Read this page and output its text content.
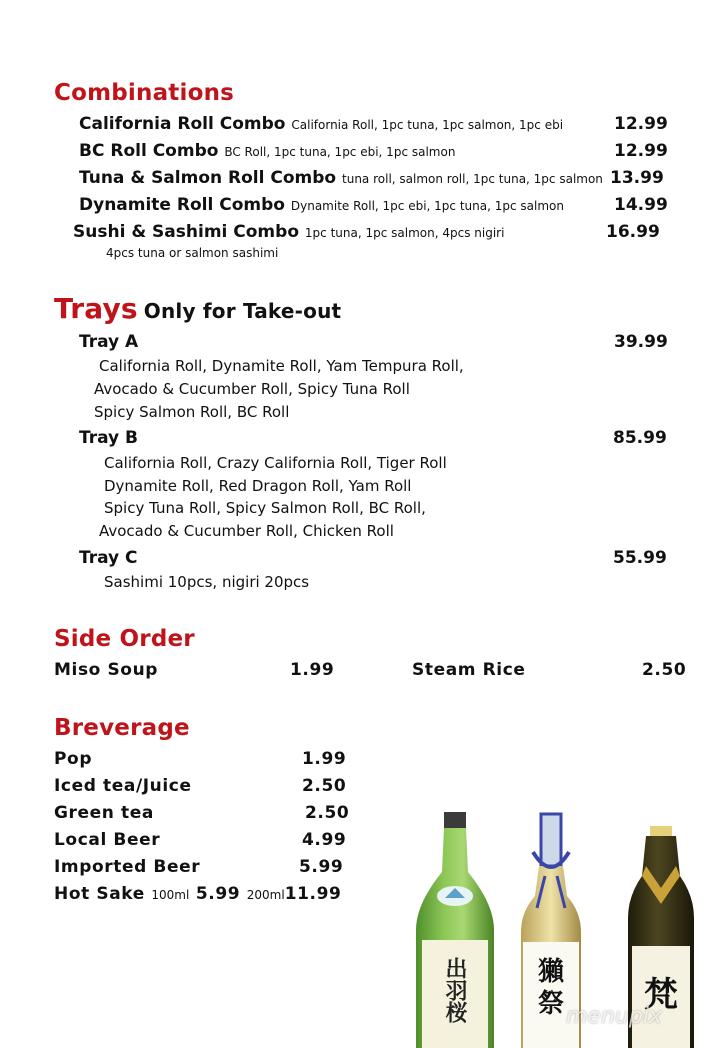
Combinations
California Roll Combo California Roll, 1pc tuna, 1pc salmon, 1pc ebi	12.99
BC Roll Combo BC Roll, 1pc tuna, 1pc ebi, 1pc salmon	12.99
Tuna & Salmon Roll Combo tuna roll, salmon roll, 1pc tuna, 1pc salmon 13.99
Dynamite Roll Combo Dynamite Roll, 1pc ebi, 1pc tuna, 1pc salmon	14.99
Sushi & Sashimi Combo 1pc tuna, 1pc salmon, 4pcs nigiri	16.99
4pcs tuna or salmon sashimi
Trays Only for Take-out
Tray A	39.99
California Roll, Dynamite Roll, Yam Tempura Roll,
Avocado & Cucumber Roll, Spicy Tuna Roll
Spicy Salmon Roll, BC Roll
Tray B	85.99
California Roll, Crazy California Roll, Tiger Roll
Dynamite Roll, Red Dragon Roll, Yam Roll
Spicy Tuna Roll, Spicy Salmon Roll, BC Roll,
Avocado & Cucumber Roll, Chicken Roll
Tray C	55.99
Sashimi 10pcs, nigiri 20pcs
Side Order
Miso Soup	1.99	Steam Rice	2.50
Breverage
Pop	1.99
Iced tea/Juice	2.50
Green tea	2.50
Local Beer	4.99
Imported Beer	5.99
Hot Sake 100ml 5.99 200ml11.99
出羽桜	獺
祭 梵
menupix
